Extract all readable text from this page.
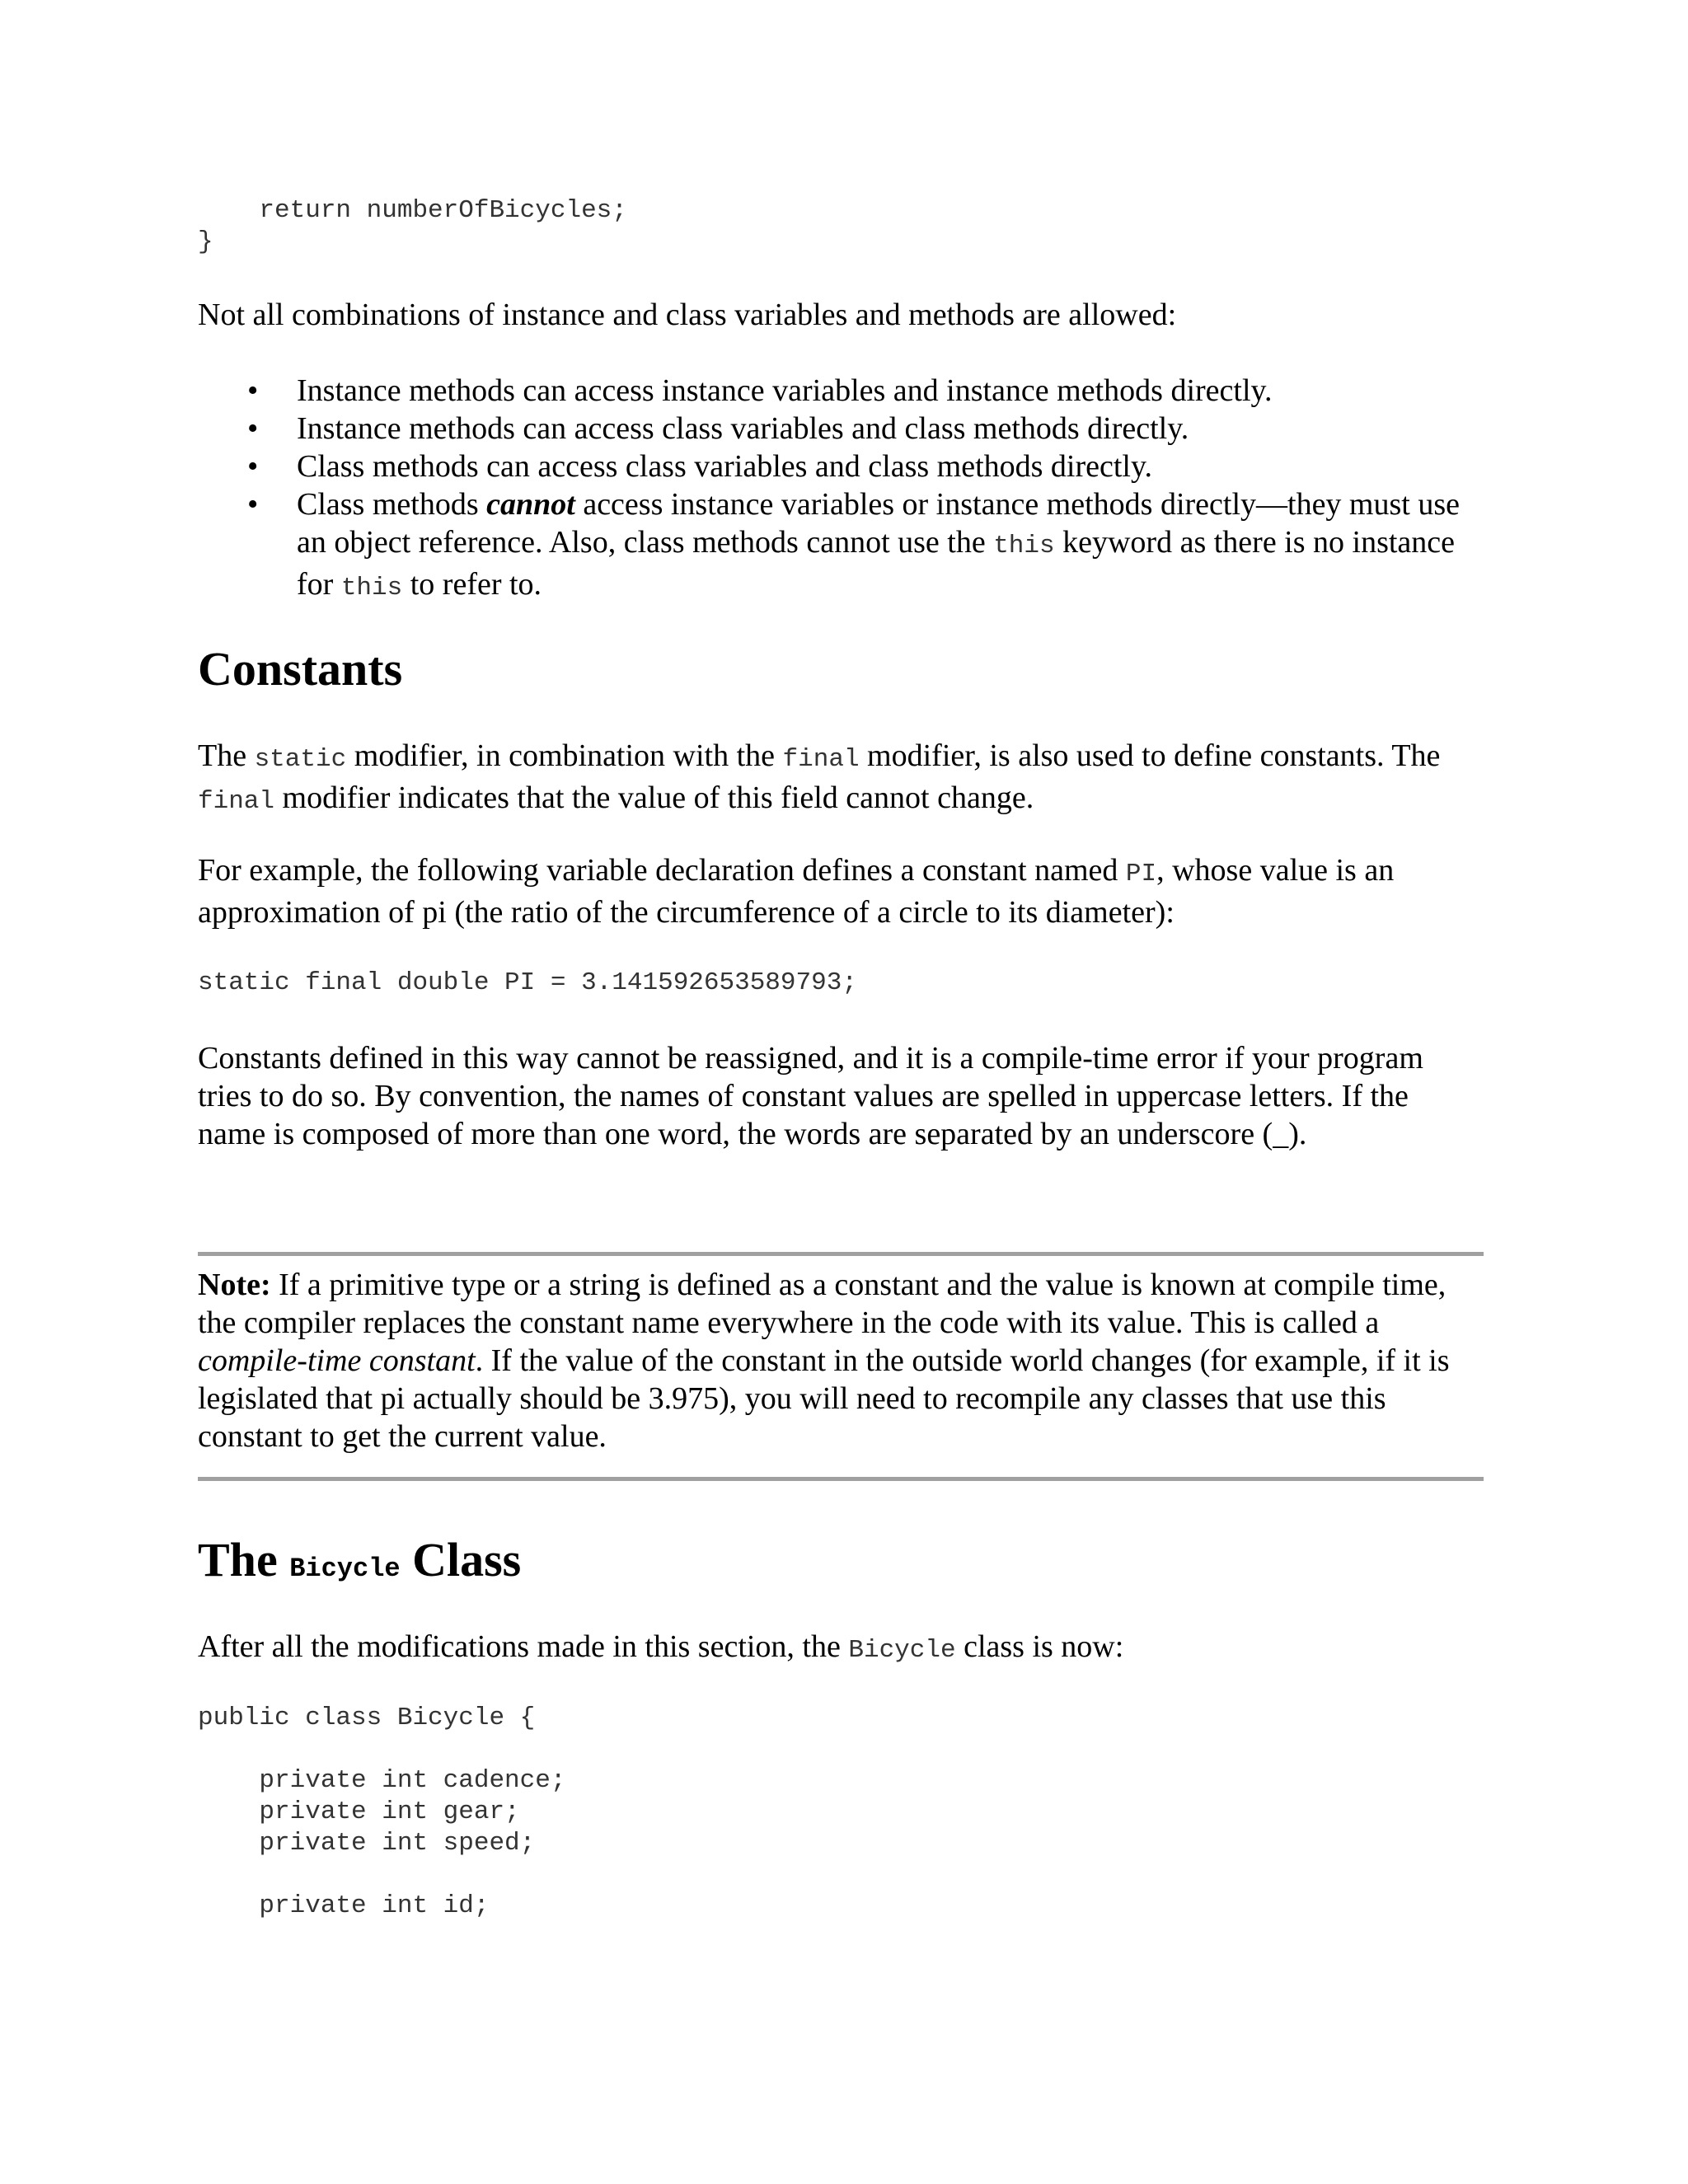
return numberOfBicycles;
}

Not all combinations of instance and class variables and methods are allowed:

• Instance methods can access instance variables and instance methods directly.
• Instance methods can access class variables and class methods directly.
• Class methods can access class variables and class methods directly.
• Class methods cannot access instance variables or instance methods directly—they must use an object reference. Also, class methods cannot use the this keyword as there is no instance for this to refer to.
Constants

The static modifier, in combination with the final modifier, is also used to define constants. The final modifier indicates that the value of this field cannot change.

For example, the following variable declaration defines a constant named PI, whose value is an approximation of pi (the ratio of the circumference of a circle to its diameter):

static final double PI = 3.141592653589793;

Constants defined in this way cannot be reassigned, and it is a compile-time error if your program tries to do so. By convention, the names of constant values are spelled in uppercase letters. If the name is composed of more than one word, the words are separated by an underscore (_).

Note: If a primitive type or a string is defined as a constant and the value is known at compile time, the compiler replaces the constant name everywhere in the code with its value. This is called a compile-time constant. If the value of the constant in the outside world changes (for example, if it is legislated that pi actually should be 3.975), you will need to recompile any classes that use this constant to get the current value.

The Bicycle Class

After all the modifications made in this section, the Bicycle class is now:

public class Bicycle {
private int cadence;
private int gear;
private int speed;
private int id;
